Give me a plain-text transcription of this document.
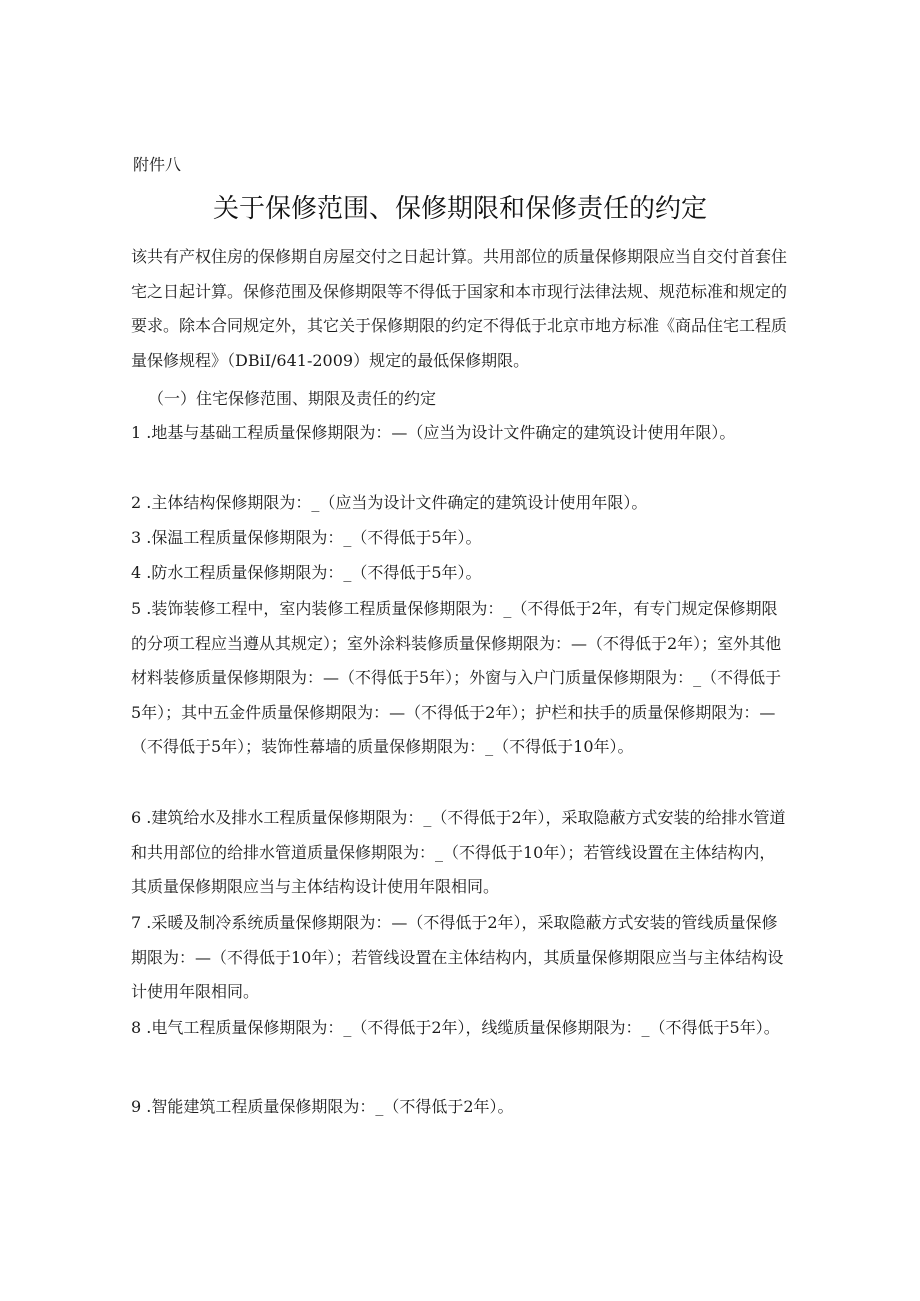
附件八

关于保修范围、保修期限和保修责任的约定

该共有产权住房的保修期自房屋交付之日起计算。共用部位的质量保修期限应当自交付首套住宅之日起计算。保修范围及保修期限等不得低于国家和本市现行法律法规、规范标准和规定的要求。除本合同规定外，其它关于保修期限的约定不得低于北京市地方标准《商品住宅工程质量保修规程》（DBiI/641-2009）规定的最低保修期限。

（一）住宅保修范围、期限及责任的约定

1 .地基与基础工程质量保修期限为：—（应当为设计文件确定的建筑设计使用年限）。

2 .主体结构保修期限为：_（应当为设计文件确定的建筑设计使用年限）。

3 .保温工程质量保修期限为：_（不得低于5年）。

4 .防水工程质量保修期限为：_（不得低于5年）。

5 .装饰装修工程中，室内装修工程质量保修期限为：_（不得低于2年，有专门规定保修期限的分项工程应当遵从其规定）；室外涂料装修质量保修期限为：—（不得低于2年）；室外其他材料装修质量保修期限为：—（不得低于5年）；外窗与入户门质量保修期限为：_（不得低于5年）；其中五金件质量保修期限为：—（不得低于2年）；护栏和扶手的质量保修期限为：—（不得低于5年）；装饰性幕墙的质量保修期限为：_（不得低于10年）。

6 .建筑给水及排水工程质量保修期限为：_（不得低于2年），采取隐蔽方式安装的给排水管道和共用部位的给排水管道质量保修期限为：_（不得低于10年）；若管线设置在主体结构内，其质量保修期限应当与主体结构设计使用年限相同。

7 .采暖及制冷系统质量保修期限为：—（不得低于2年），采取隐蔽方式安装的管线质量保修期限为：—（不得低于10年）；若管线设置在主体结构内，其质量保修期限应当与主体结构设计使用年限相同。

8 .电气工程质量保修期限为：_（不得低于2年），线缆质量保修期限为：_（不得低于5年）。

9 .智能建筑工程质量保修期限为：_（不得低于2年）。
